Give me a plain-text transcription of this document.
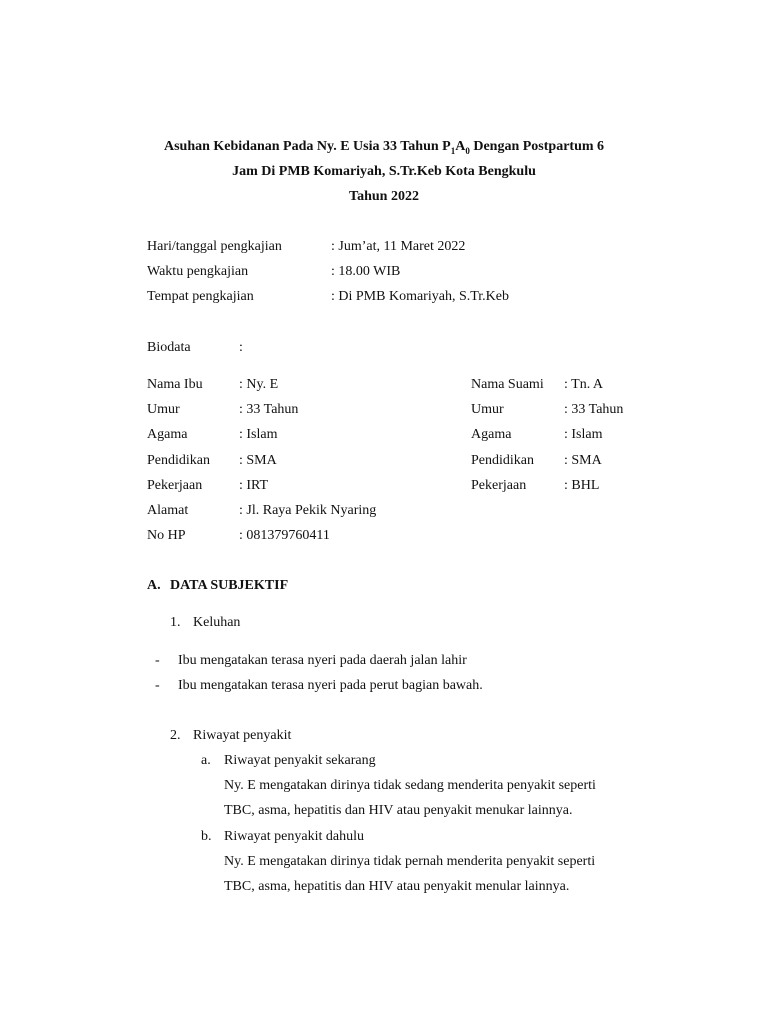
Asuhan Kebidanan Pada Ny. E Usia 33 Tahun $P_1A_0$ Dengan Postpartum 6
Jam Di PMB Komariyah, S.Tr.Keb Kota Bengkulu
Tahun 2022
Hari/tanggal pengkajian	: Jum’at, 11 Maret 2022
Waktu pengkajian	: 18.00 WIB
Tempat pengkajian	: Di PMB Komariyah, S.Tr.Keb
Biodata	:
Nama Ibu	: Ny. E
Umur	: 33 Tahun
Agama	: Islam
Pendidikan : SMA
Pekerjaan	: IRT
Alamat	: Jl. Raya Pekik Nyaring
No HP	: 081379760411
Nama Suami : Tn. A
Umur	: 33 Tahun
Agama	: Islam
Pendidikan : SMA
Pekerjaan	: BHL
A. DATA SUBJEKTIF
1. Keluhan
- Ibu mengatakan terasa nyeri pada daerah jalan lahir
- Ibu mengatakan terasa nyeri pada perut bagian bawah.
2. Riwayat penyakit
a. Riwayat penyakit sekarang
Ny. E mengatakan dirinya tidak sedang menderita penyakit seperti
TBC, asma, hepatitis dan HIV atau penyakit menukar lainnya.
b. Riwayat penyakit dahulu
Ny. E mengatakan dirinya tidak pernah menderita penyakit seperti
TBC, asma, hepatitis dan HIV atau penyakit menular lainnya.
